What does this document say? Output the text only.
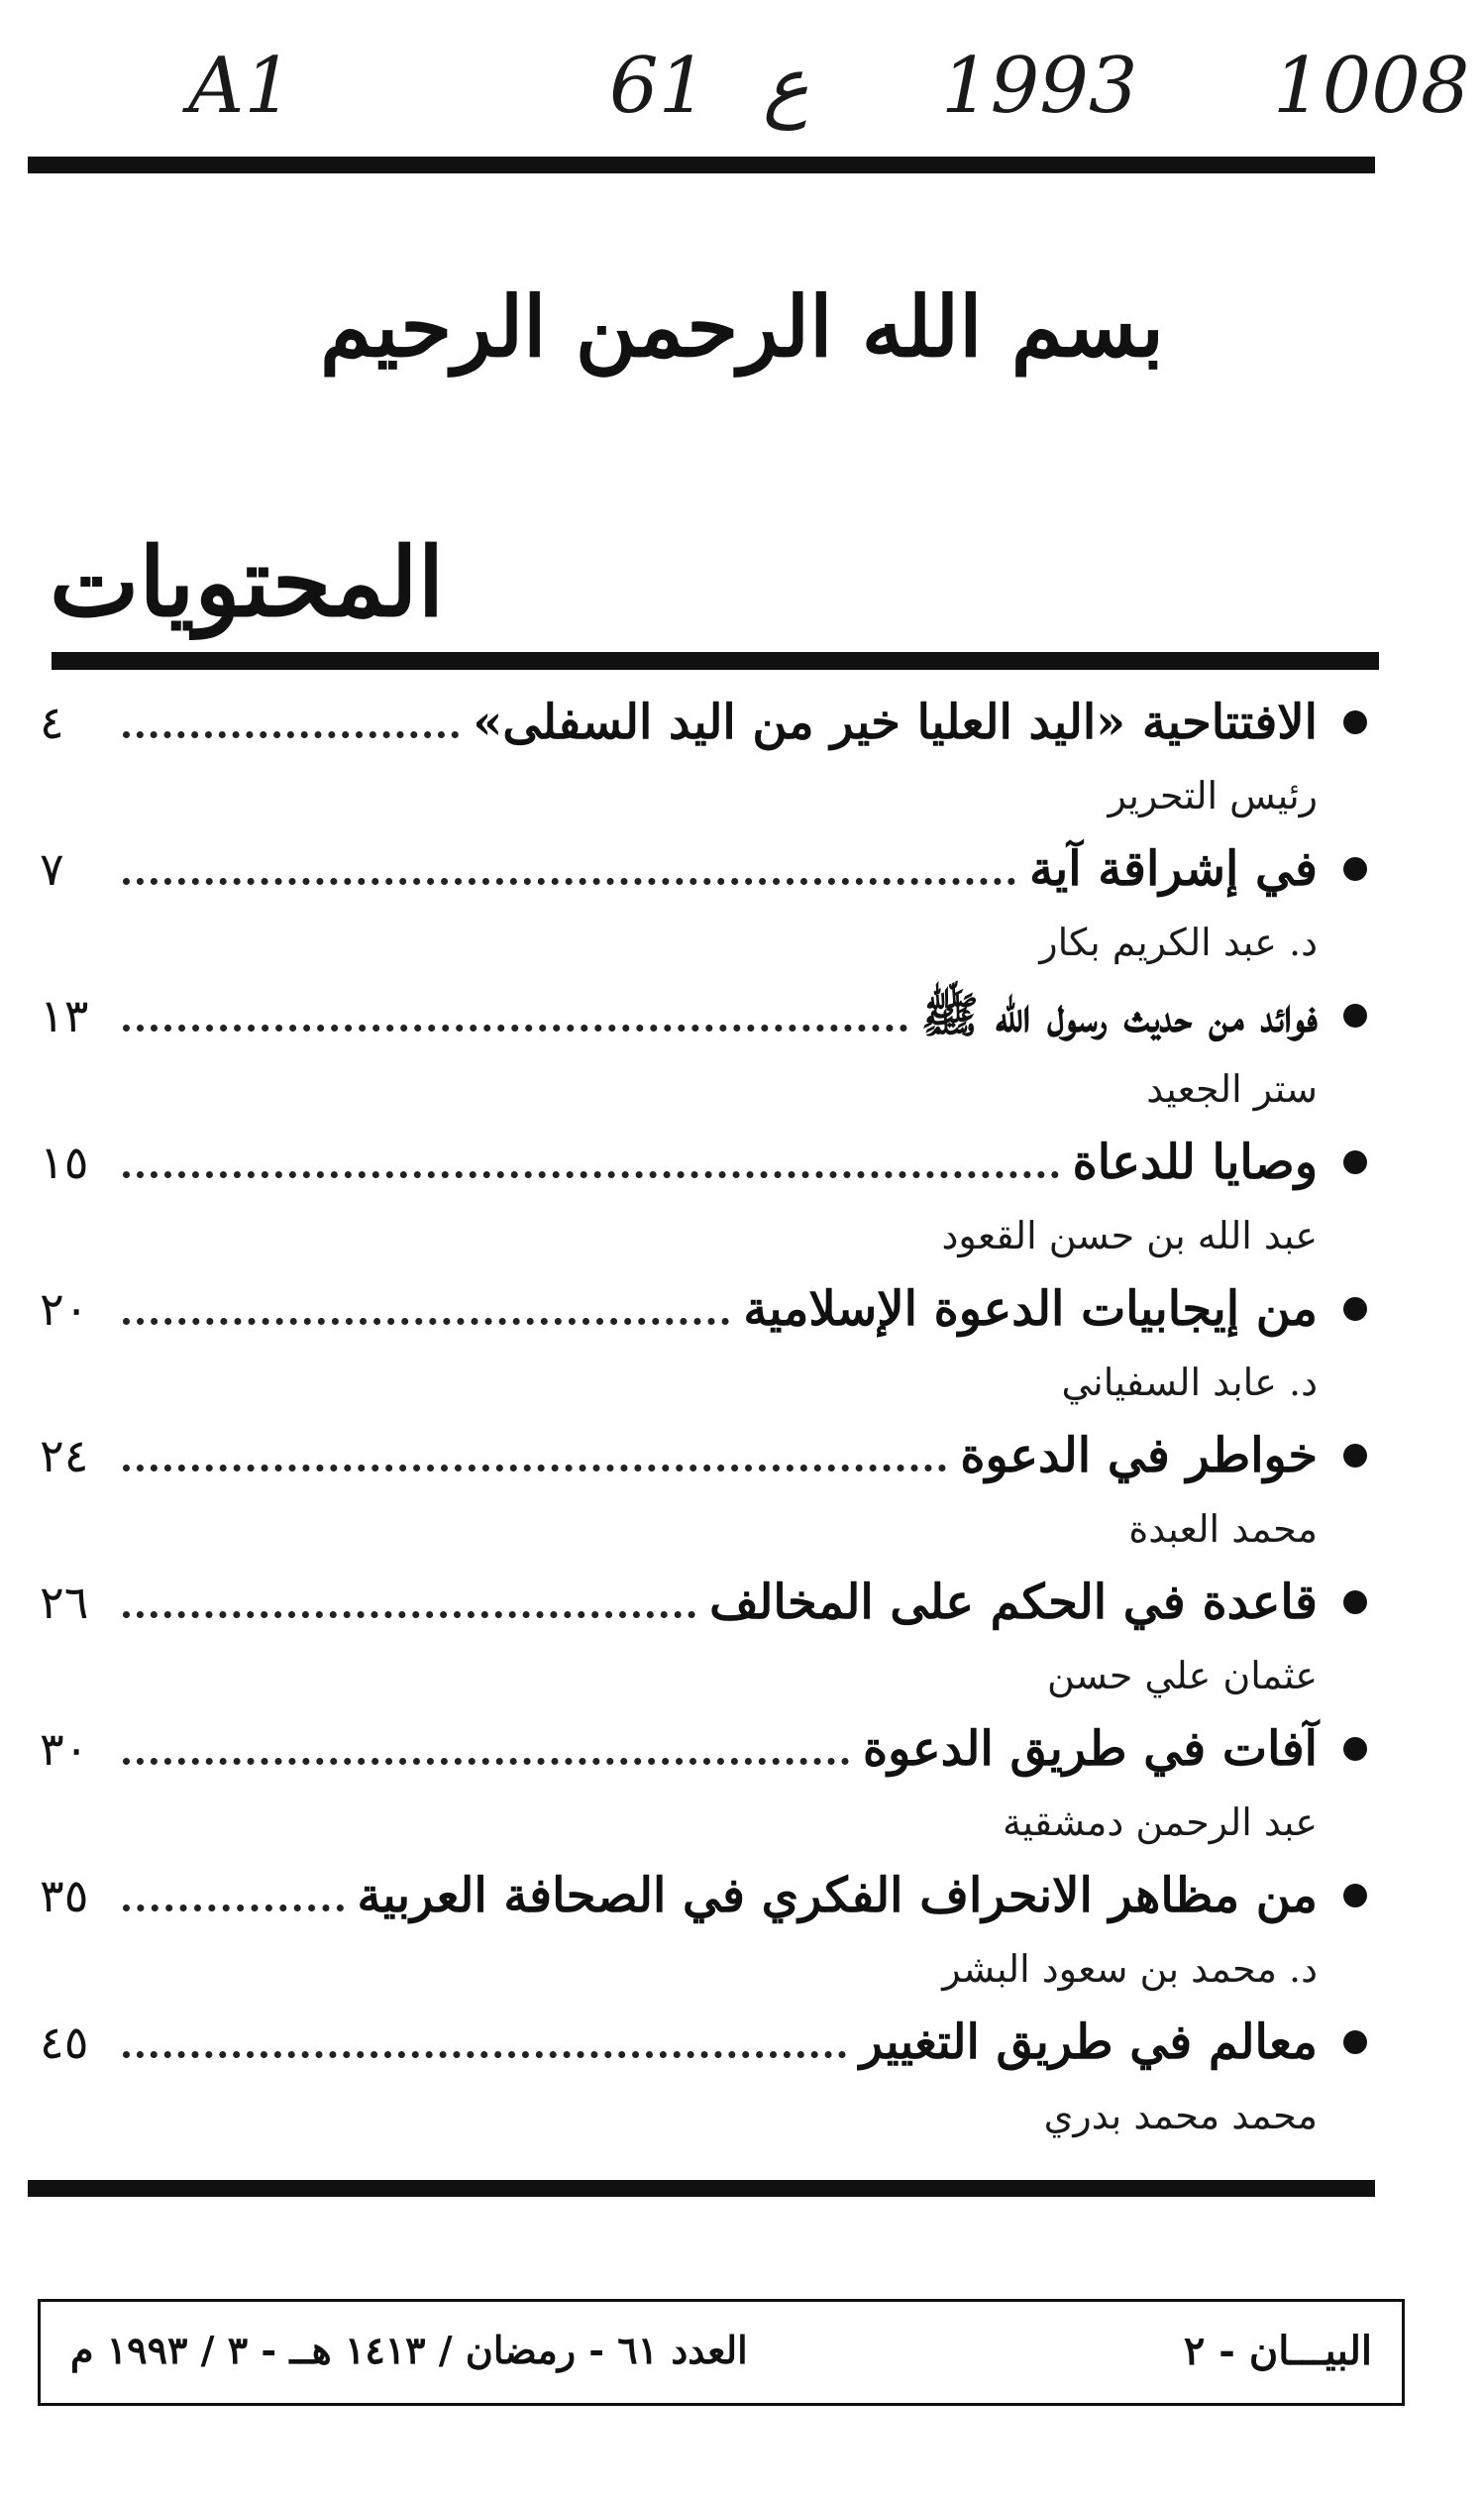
A1	61 ع 1993 1008
بسم الله الرحمن الرحيم
المحتويات
الافتتاحية «اليد العليا خير من اليد السفلى»
٤
رئيس التحرير
في إشراقة آية
٧
د. عبد الكريم بكار
فوائد من حديث رسول الله ﷺ
١٣
ستر الجعيد
وصايا للدعاة
١٥
عبد الله بن حسن القعود
من إيجابيات الدعوة الإسلامية
٢٠
د. عابد السفياني
خواطر في الدعوة
٢٤
محمد العبدة
قاعدة في الحكم على المخالف
٢٦
عثمان علي حسن
آفات في طريق الدعوة
٣٠
عبد الرحمن دمشقية
من مظاهر الانحراف الفكري في الصحافة العربية
٣٥
د. محمد بن سعود البشر
معالم في طريق التغيير
٤٥
محمد محمد بدري
البيـــان - ٢
العدد ٦١ - رمضان / ١٤١٣ هــ - ٣ / ١٩٩٣ م
